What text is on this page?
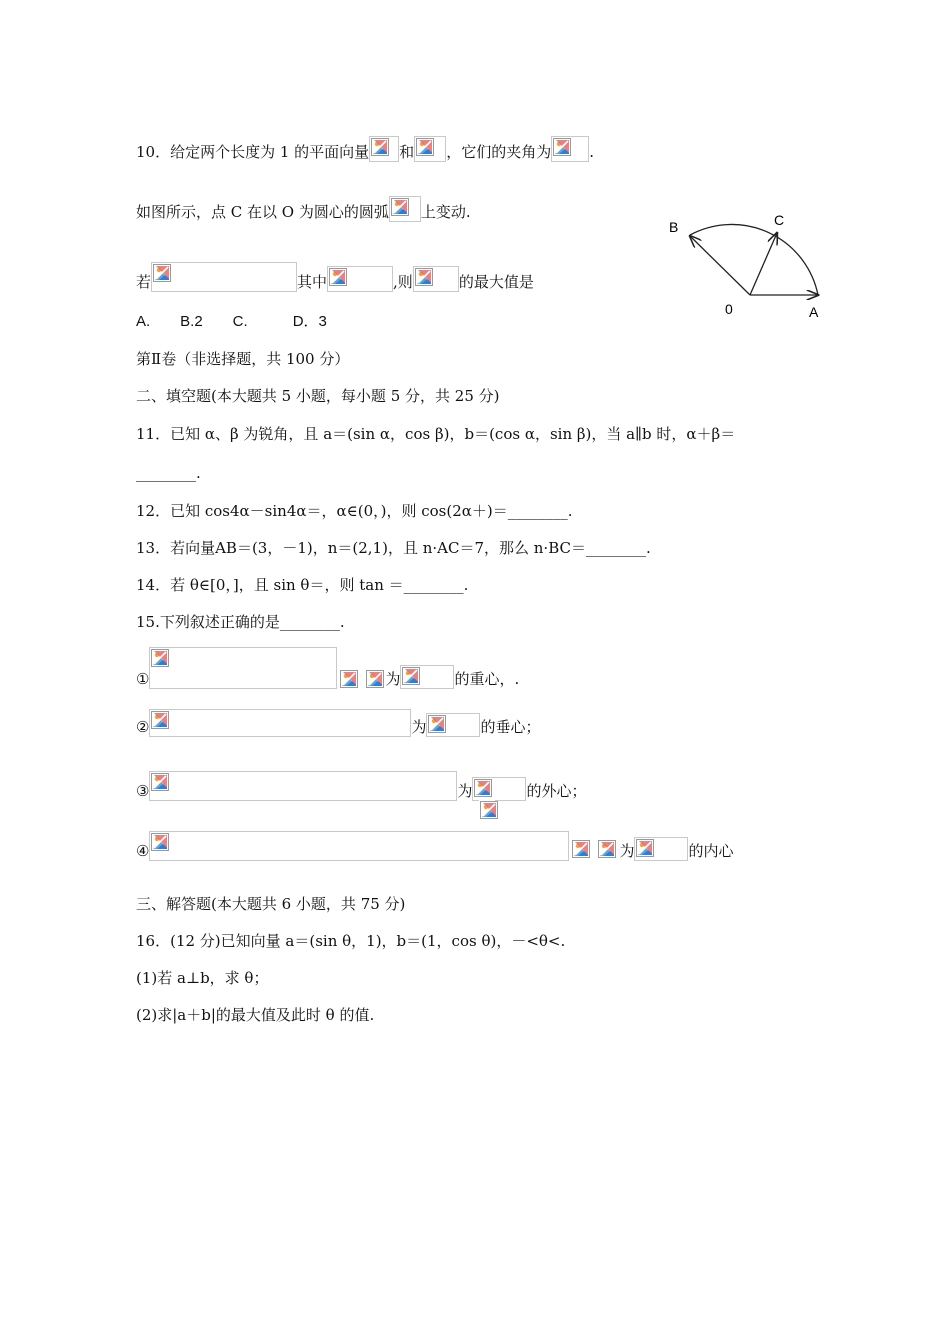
10．给定两个长度为 1 的平面向量 和 ，它们的夹角为	.
如图所示，点 C 在以 O 为圆心的圆弧 上变动.
若	其中	,则	的最大值是
A.　　B.2　　C.　　　D．3
B	C
0	A
第Ⅱ卷（非选择题，共 100 分）
二、填空题(本大题共 5 小题，每小题 5 分，共 25 分)
11．已知 α、β 为锐角，且 a＝(sin α，cos β)，b＝(cos α，sin β)，当 a∥b 时，α＋β＝
________.
12．已知 cos4α－sin4α＝，α∈(0，)，则 cos(2α＋)＝________.
13．若向量AB＝(3，－1)，n＝(2,1)，且 n·AC＝7，那么 n·BC＝________.
14．若 θ∈[0，]，且 sin θ＝，则 tan ＝________.
15.下列叙述正确的是________.
①	为	的重心，.
②	为	的垂心；
③	为	的外心；
④	为	的内心
三、解答题(本大题共 6 小题，共 75 分)
16．(12 分)已知向量 a＝(sin θ，1)，b＝(1，cos θ)，－<θ<.
(1)若 a⊥b，求 θ；
(2)求|a＋b|的最大值及此时 θ 的值.
